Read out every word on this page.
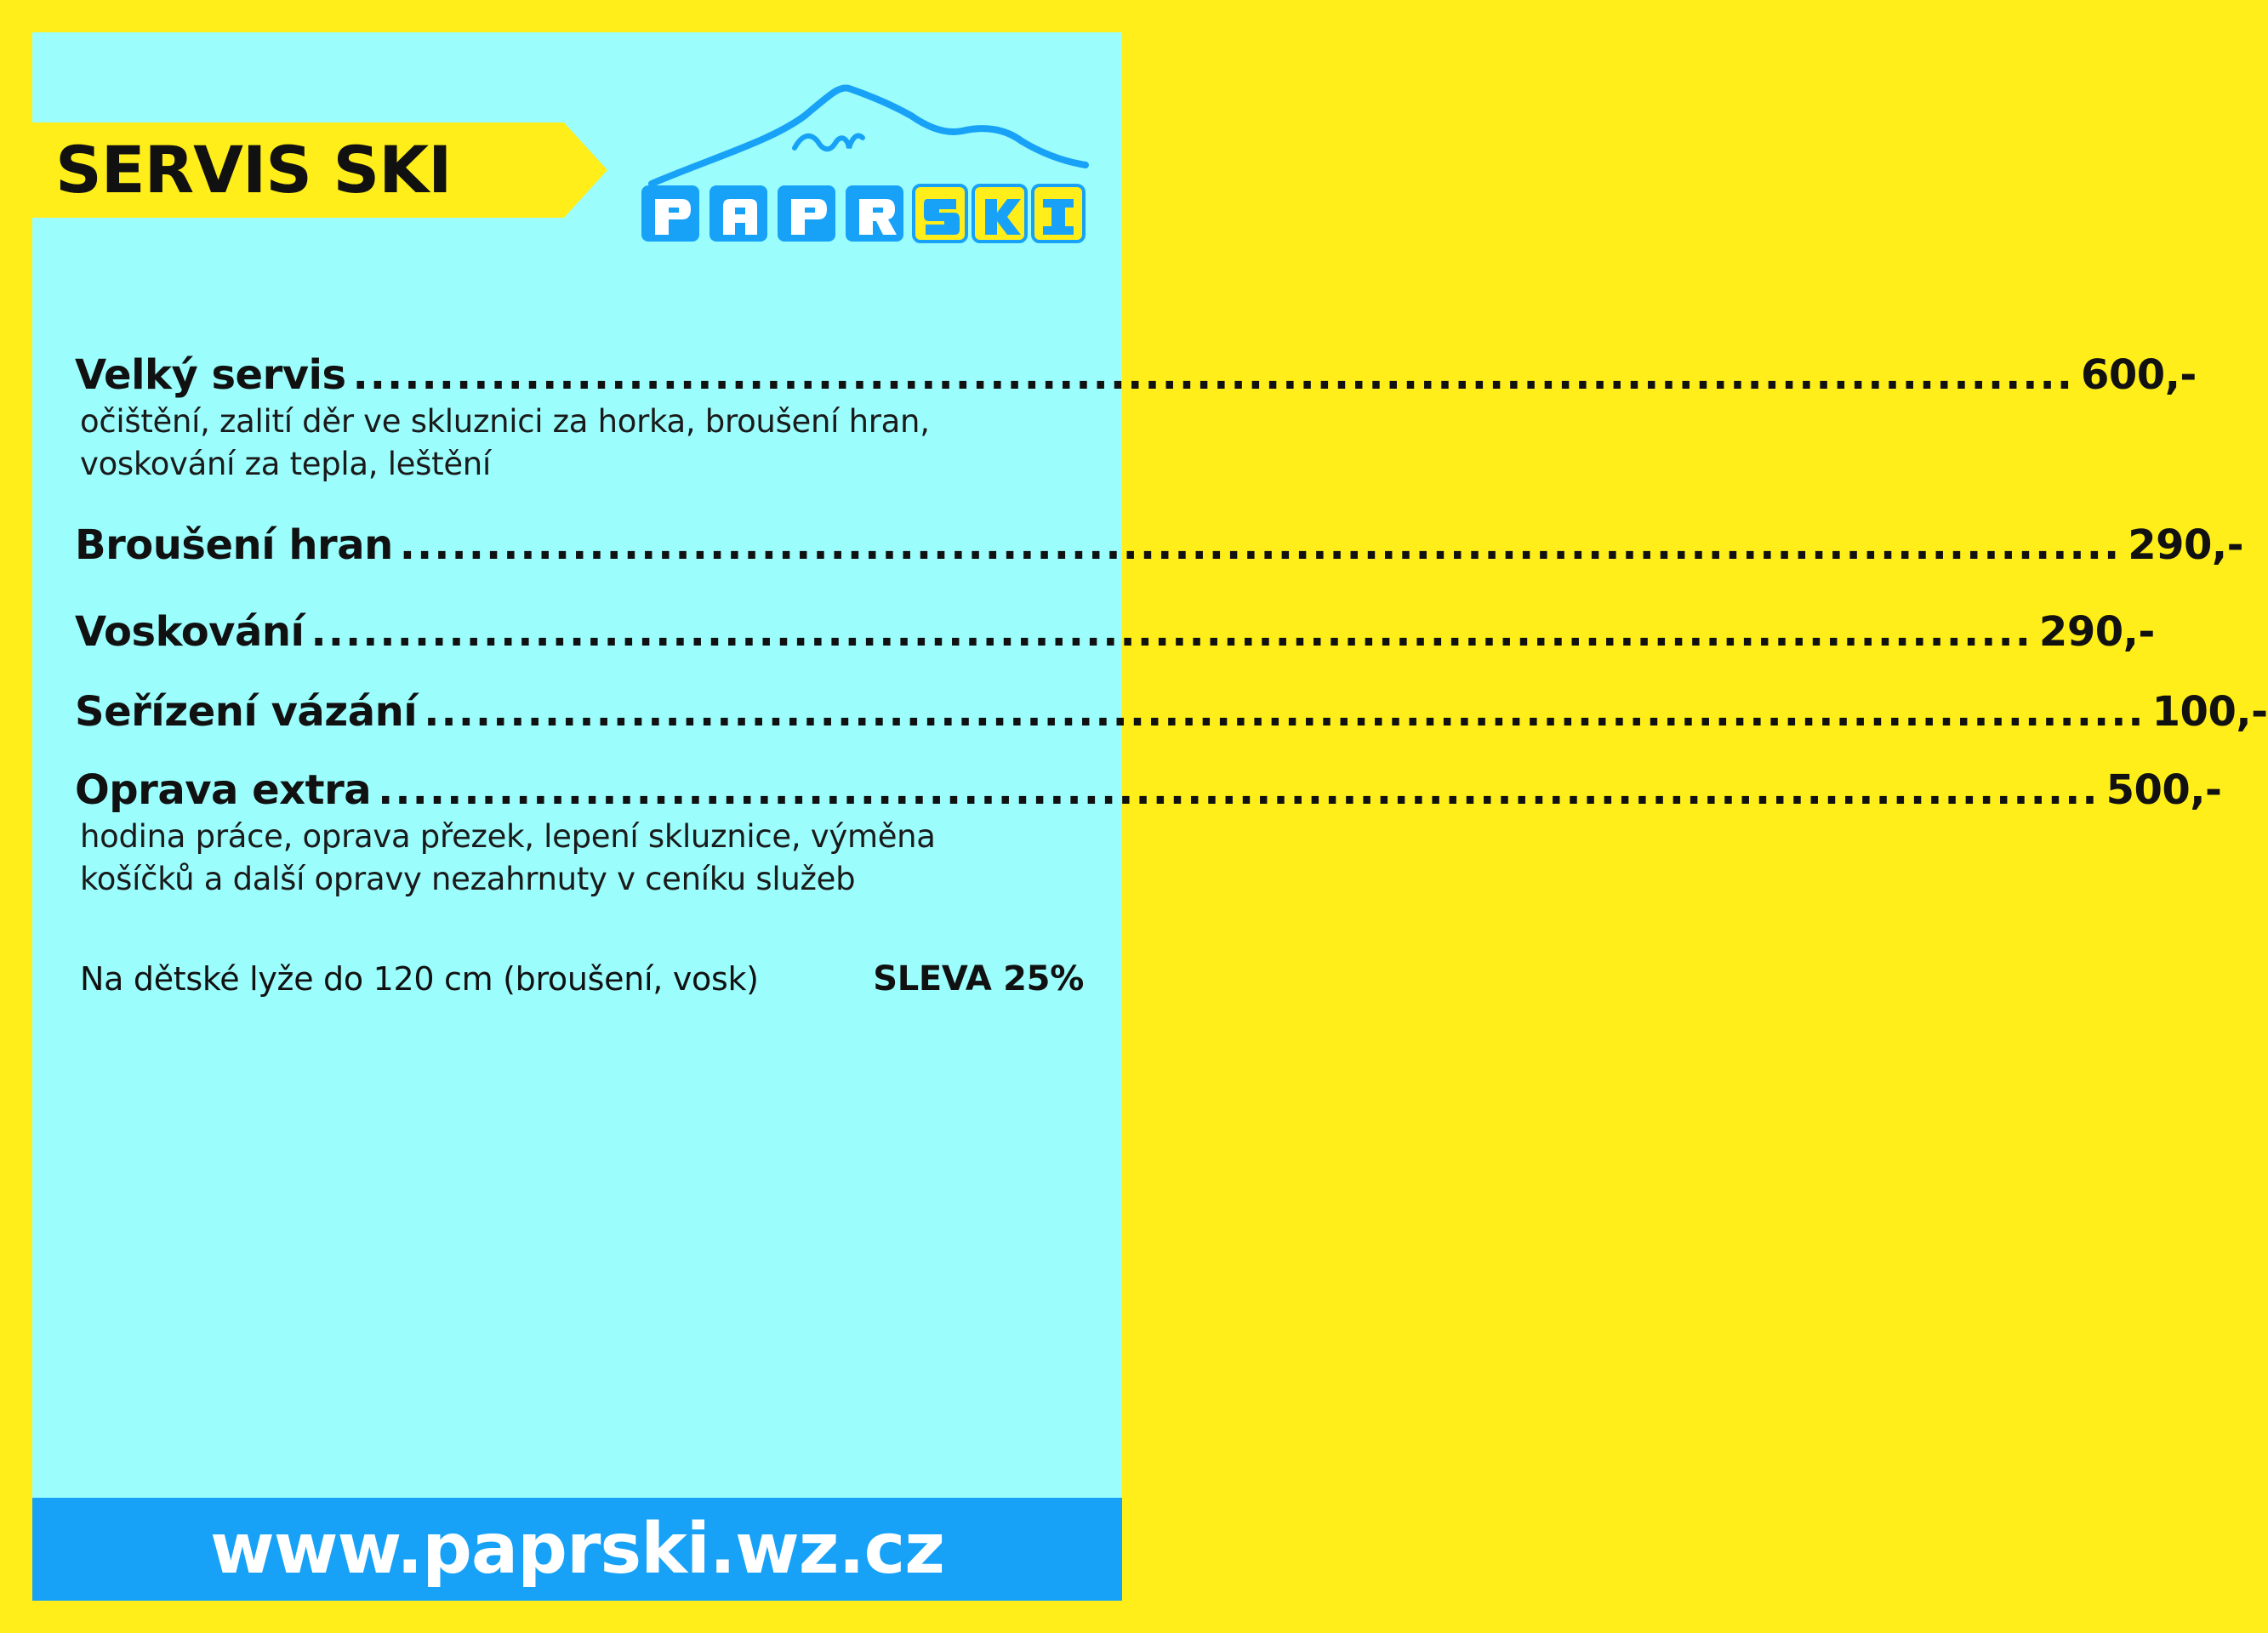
SERVIS SKI
Velký servis .................................................................................................... 600,-
očištění, zalití děr ve skluznici za horka, broušení hran,
voskování za tepla, leštění
Broušení hran .................................................................................................... 290,-
Voskování .................................................................................................... 290,-
Seřízení vázání .................................................................................................... 100,-
Oprava extra .................................................................................................... 500,-
hodina práce, oprava přezek, lepení skluznice, výměna
košíčků a další opravy nezahrnuty v ceníku služeb
Na dětské lyže do 120 cm (broušení, vosk)	SLEVA 25%
www.paprski.wz.cz
